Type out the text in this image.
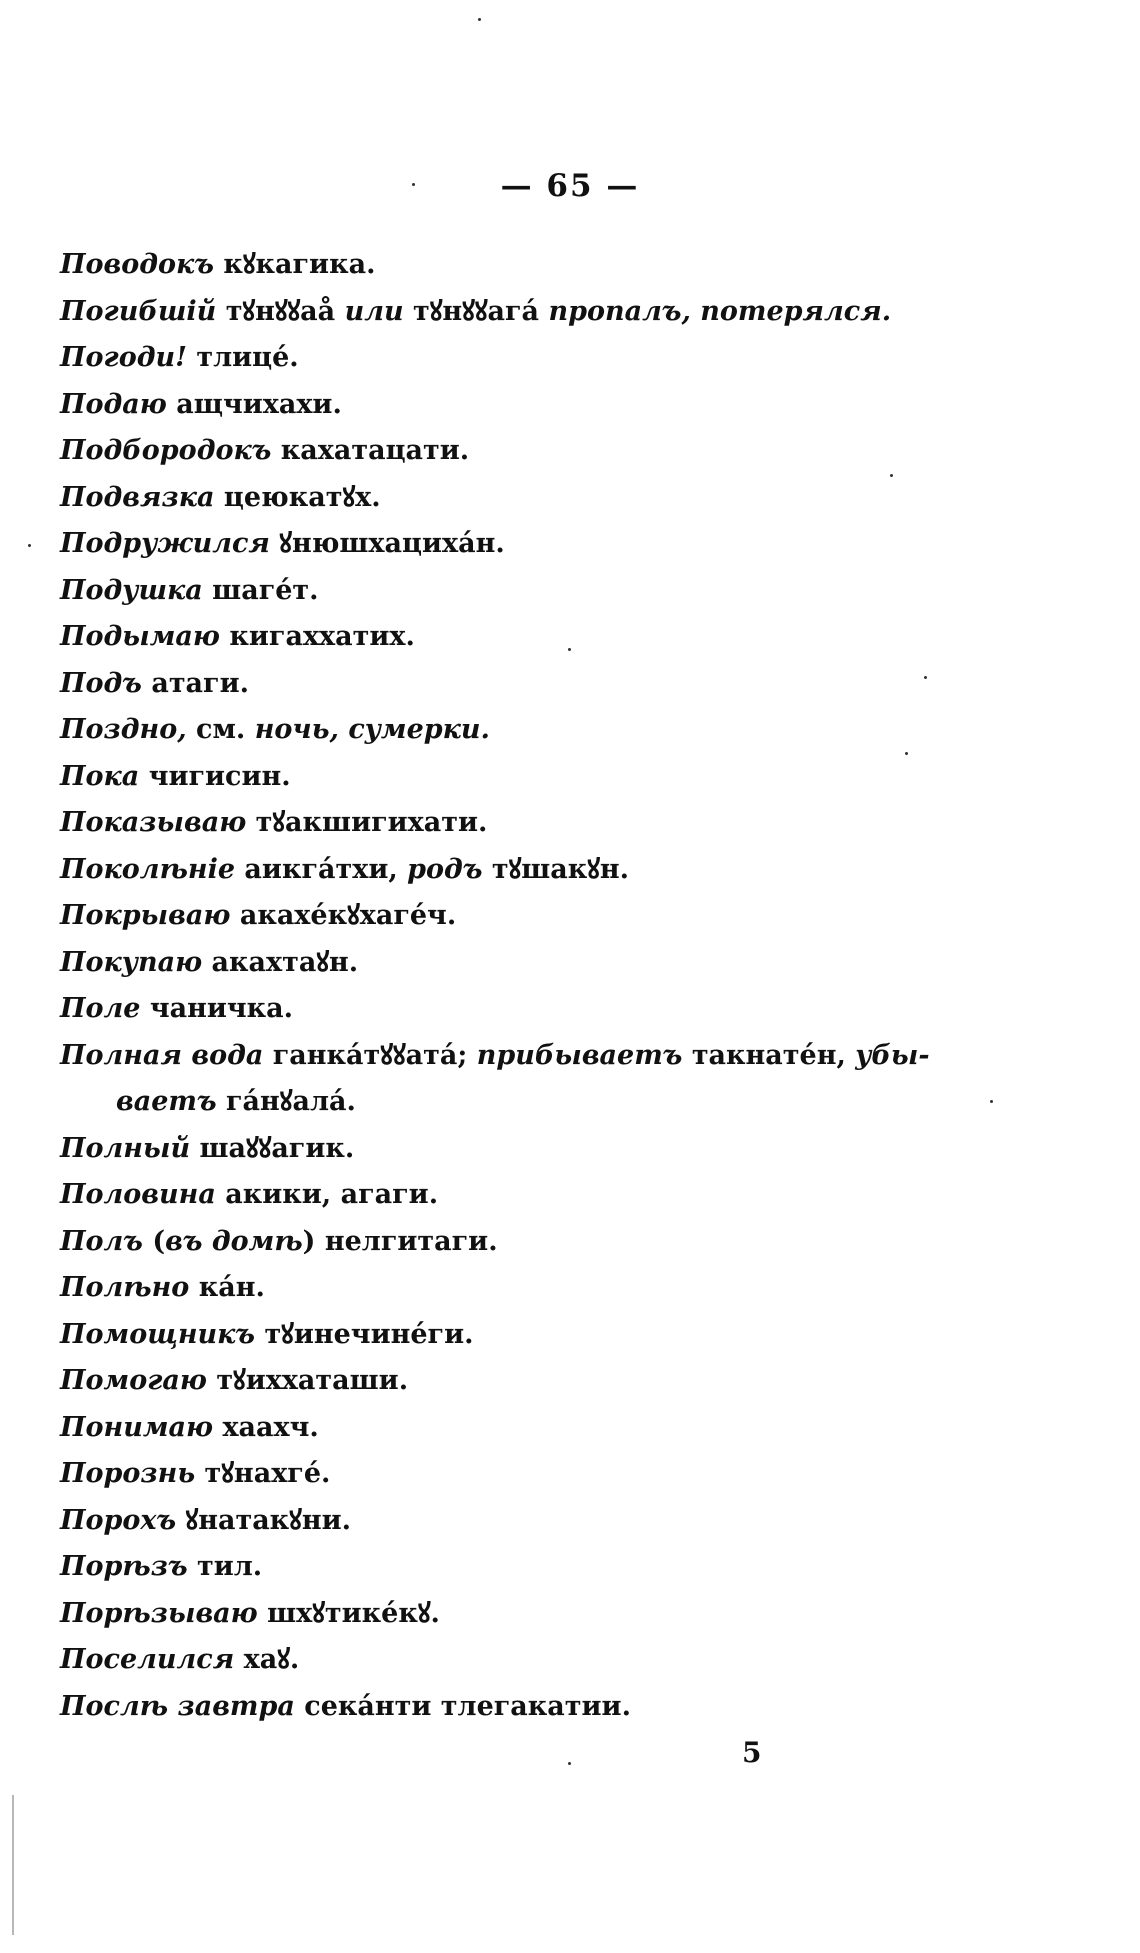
— 65 —
Поводокъ кꙋкагика.
Погибшій тꙋнꙋꙋаа̊ или тꙋнꙋꙋагá пропалъ, потерялся.
Погоди! тлицé.
Подаю ащчихахи.
Подбородокъ кахатацати.
Подвязка цеюкатꙋх.
Подружился ꙋнюшхацихáн.
Подушка шагéт.
Подымаю кигаххатих.
Подъ атаги.
Поздно, см. ночь, сумерки.
Пока чигисин.
Показываю тꙋакшигихати.
Поколѣніе аикгáтхи, родъ тꙋшакꙋн.
Покрываю акахéкꙋхагéч.
Покупаю акахтаꙋн.
Поле чаничка.
Полная вода ганкáтꙋꙋатá; прибываетъ такнатéн, убы-
ваетъ гáнꙋалá.
Полный шаꙋꙋагик.
Половина акики, агаги.
Полъ (въ домѣ) нелгитаги.
Полѣно кáн.
Помощникъ тꙋинечинéги.
Помогаю тꙋихxаташи.
Понимаю хаахч.
Порознь тꙋнахгé.
Порохъ ꙋнатакꙋни.
Порѣзъ тил.
Порѣзываю шхꙋтикéкꙋ.
Поселился хаꙋ.
Послѣ завтра секáнти тлегакатии.
5
